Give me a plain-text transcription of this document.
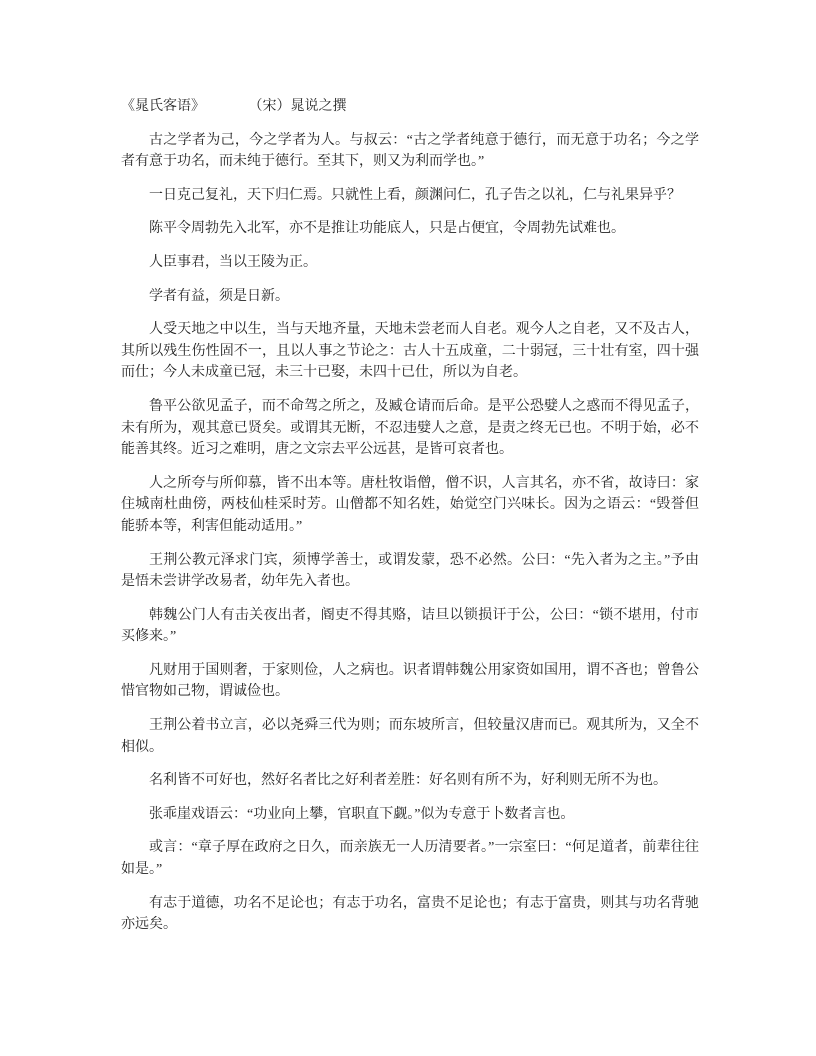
《晁氏客语》	（宋）晁说之撰

古之学者为己，今之学者为人。与叔云：“古之学者纯意于德行，而无意于功名；今之学者有意于功名，而未纯于德行。至其下，则又为利而学也。”

一日克己复礼，天下归仁焉。只就性上看，颜渊问仁，孔子告之以礼，仁与礼果异乎？

陈平令周勃先入北军，亦不是推让功能底人，只是占便宜，令周勃先试难也。

人臣事君，当以王陵为正。

学者有益，须是日新。

人受天地之中以生，当与天地齐量，天地未尝老而人自老。观今人之自老，又不及古人，其所以残生伤性固不一，且以人事之节论之：古人十五成童，二十弱冠，三十壮有室，四十强而仕；今人未成童已冠，未三十已娶，未四十已仕，所以为自老。

鲁平公欲见孟子，而不命驾之所之，及臧仓请而后命。是平公恐嬖人之惑而不得见孟子，未有所为，观其意已贤矣。或谓其无断，不忍违嬖人之意，是责之终无已也。不明于始，必不能善其终。近习之难明，唐之文宗去平公远甚，是皆可哀者也。

人之所夸与所仰慕，皆不出本等。唐杜牧诣僧，僧不识，人言其名，亦不省，故诗曰：家住城南杜曲傍，两枝仙桂采时芳。山僧都不知名姓，始觉空门兴味长。因为之语云：“毁誉但能骄本等，利害但能动适用。”

王荆公教元泽求门宾，须博学善士，或谓发蒙，恐不必然。公曰：“先入者为之主。”予由是悟未尝讲学改易者，幼年先入者也。

韩魏公门人有击关夜出者，阍吏不得其赂，诘旦以锁损讦于公，公曰：“锁不堪用，付市买修来。”

凡财用于国则奢，于家则俭，人之病也。识者谓韩魏公用家资如国用，谓不吝也；曾鲁公惜官物如己物，谓诚俭也。

王荆公着书立言，必以尧舜三代为则；而东坡所言，但较量汉唐而已。观其所为，又全不相似。

名利皆不可好也，然好名者比之好利者差胜：好名则有所不为，好利则无所不为也。

张乖崖戏语云：“功业向上攀，官职直下觑。”似为专意于卜数者言也。

或言：“章子厚在政府之日久，而亲族无一人历清要者。”一宗室曰：“何足道者，前辈往往如是。”

有志于道德，功名不足论也；有志于功名，富贵不足论也；有志于富贵，则其与功名背驰亦远矣。
